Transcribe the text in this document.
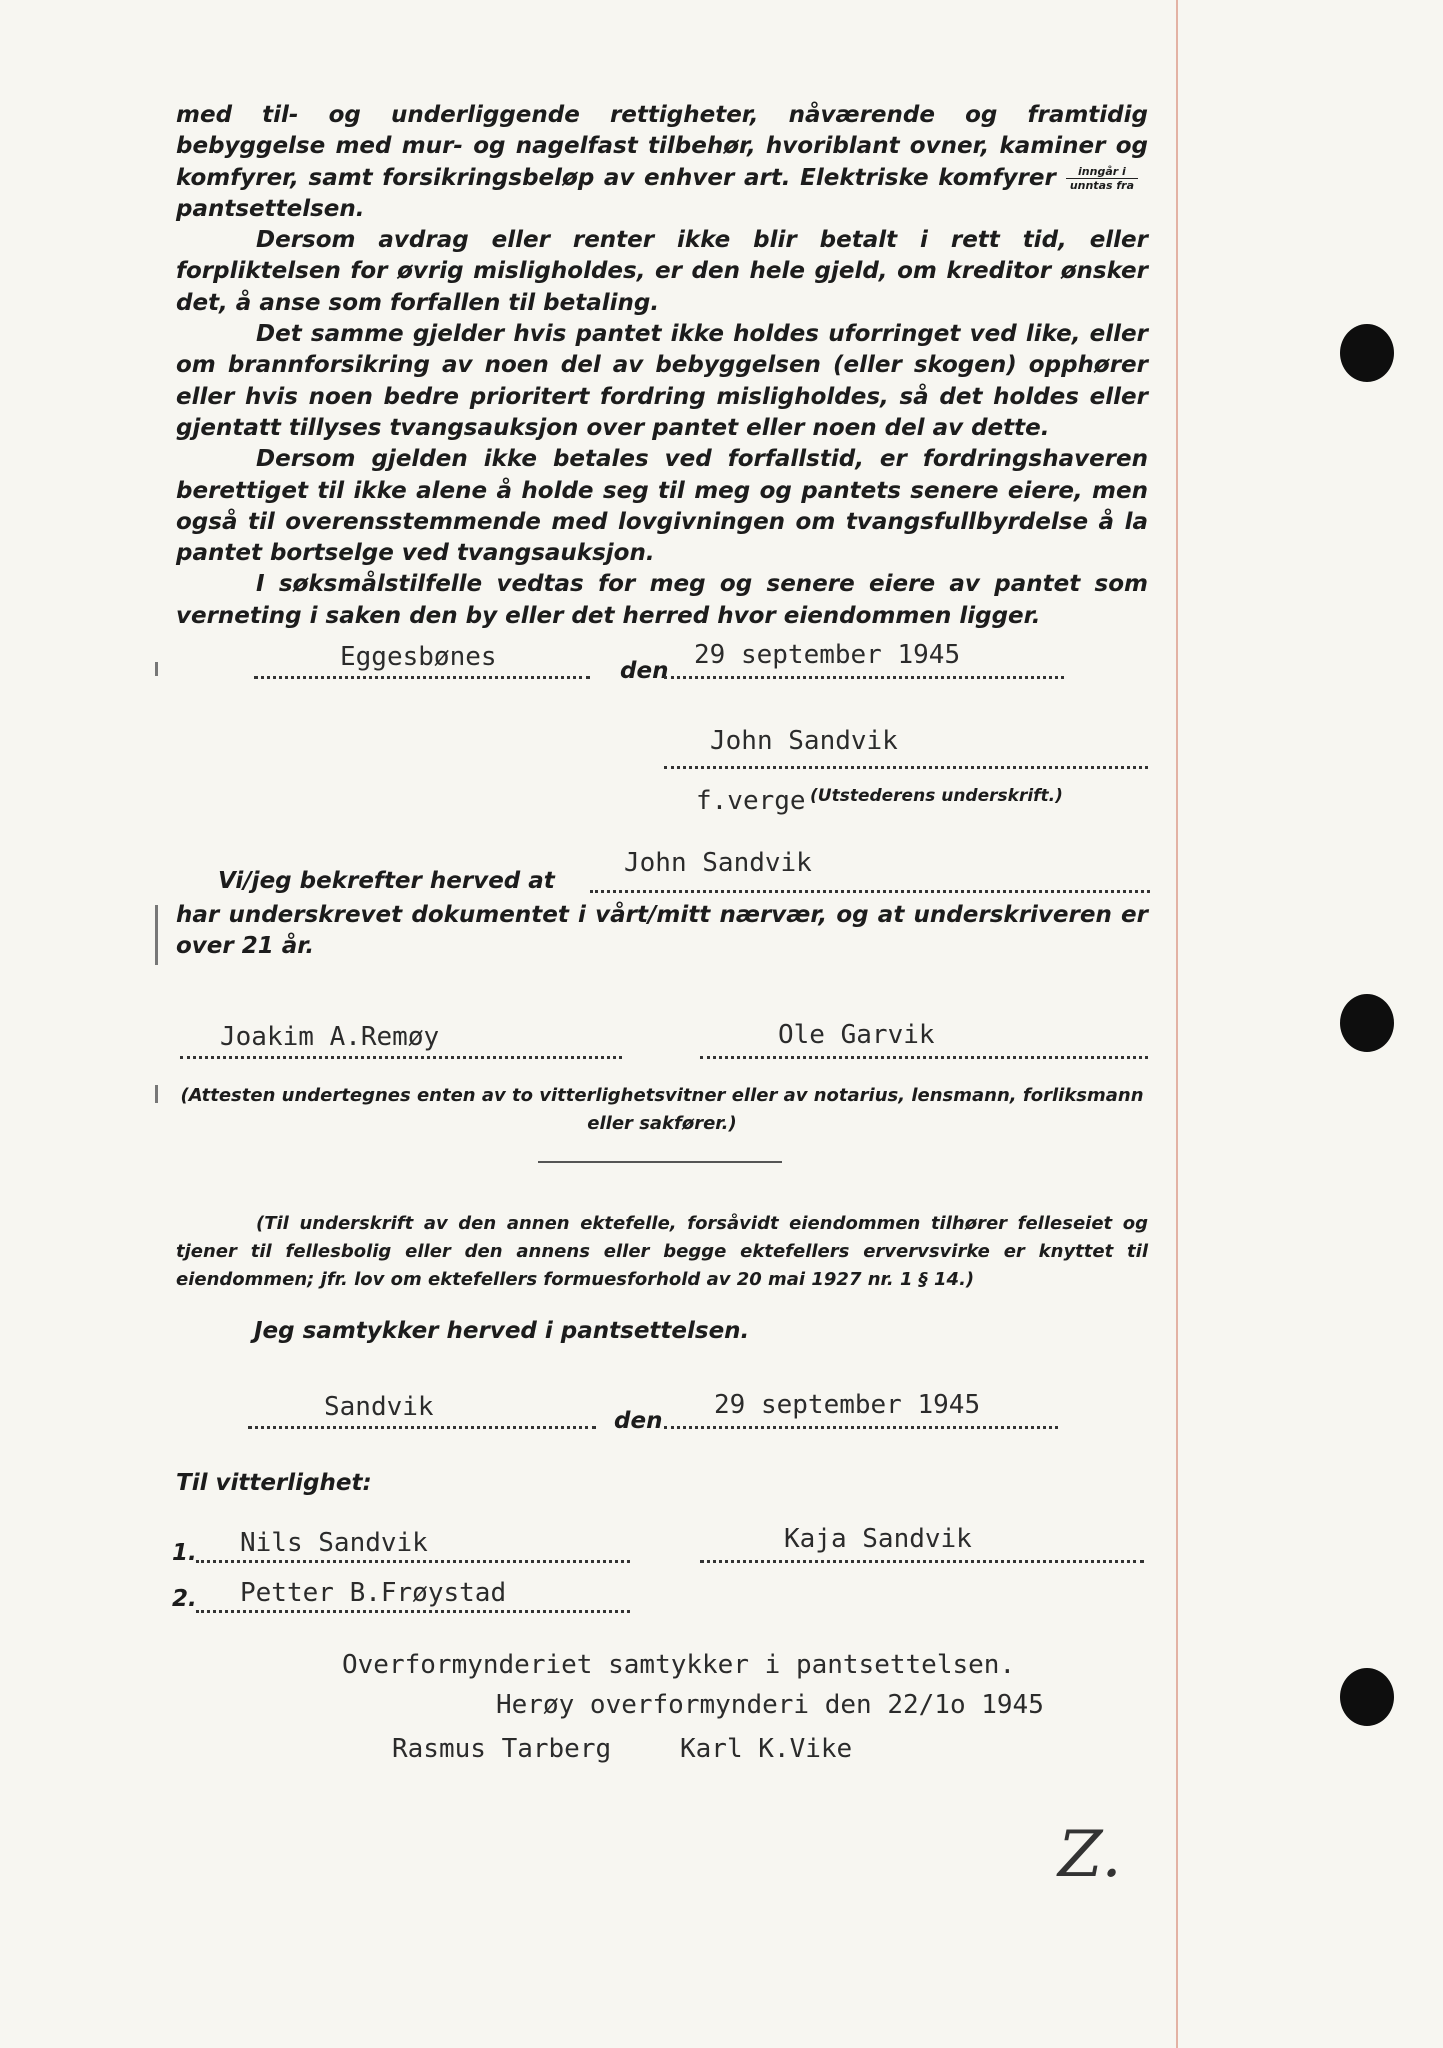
med til- og underliggende rettigheter, nåværende og framtidig bebyggelse med mur- og nagelfast tilbehør, hvoriblant ovner, kaminer og komfyrer, samt forsikringsbeløp av enhver art. Elektriske komfyrer $\frac{\text{inngår i}}{\text{unntas fra}}$
pantsettelsen.

Dersom avdrag eller renter ikke blir betalt i rett tid, eller forpliktelsen for øvrig misligholdes, er den hele gjeld, om kreditor ønsker det, å anse som forfallen til betaling.

Det samme gjelder hvis pantet ikke holdes uforringet ved like, eller om brannforsikring av noen del av bebyggelsen (eller skogen) opphører eller hvis noen bedre prioritert fordring misligholdes, så det holdes eller gjentatt tillyses tvangsauksjon over pantet eller noen del av dette.

Dersom gjelden ikke betales ved forfallstid, er fordringshaveren berettiget til ikke alene å holde seg til meg og pantets senere eiere, men også til overensstemmende med lovgivningen om tvangsfullbyrdelse å la pantet bortselge ved tvangsauksjon.

I søksmålstilfelle vedtas for meg og senere eiere av pantet som verneting i saken den by eller det herred hvor eiendommen ligger.

Eggesbønes	den
29 september 1945
John Sandvik
f.verge (Utstederens underskrift.)
Vi/jeg bekrefter herved at
John Sandvik

har underskrevet dokumentet i vårt/mitt nærvær, og at underskriveren er over 21 år.

Joakim A.Remøy	Ole Garvik

(Attesten undertegnes enten av to vitterlighetsvitner eller av notarius, lensmann, forliksmann eller sakfører.)

(Til underskrift av den annen ektefelle, forsåvidt eiendommen tilhører felleseiet og tjener til fellesbolig eller den annens eller begge ektefellers ervervsvirke er knyttet til eiendommen; jfr. lov om ektefellers formuesforhold av 20 mai 1927 nr. 1 § 14.)

Jeg samtykker herved i pantsettelsen.
Sandvik	den
29 september 1945
Til vitterlighet:
1. Nils Sandvik	Kaja Sandvik
2. Petter B.Frøystad
Overformynderiet samtykker i pantsettelsen.
Herøy overformynderi den 22/1o 1945
Rasmus Tarberg	Karl K.Vike
Z.
